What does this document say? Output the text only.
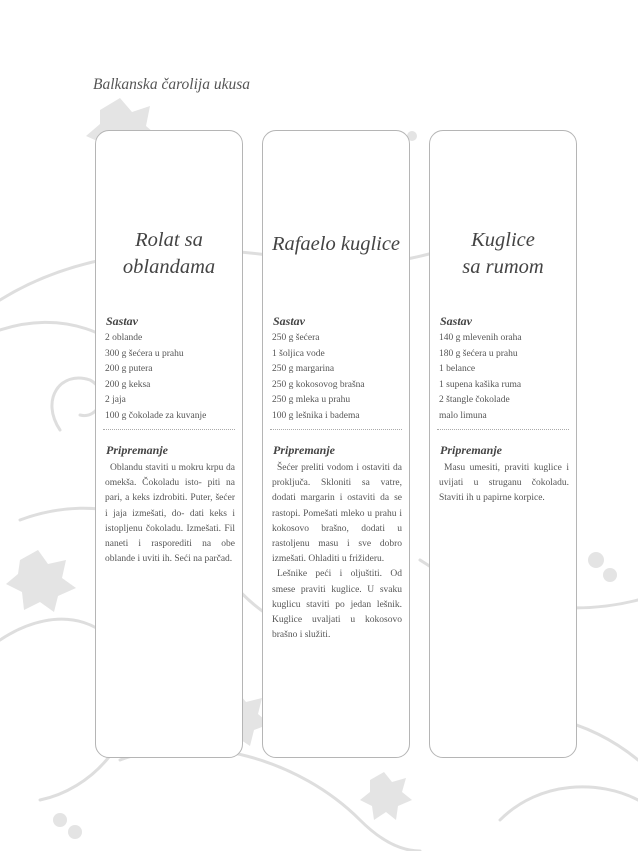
Balkanska čarolija ukusa
Rolat sa
oblandama
Sastav
2 oblande
300 g šećera u prahu
200 g putera
200 g keksa
2 jaja
100 g čokolade za kuvanje
Pripremanje

Oblandu staviti u mokru krpu da omekša. Čokoladu isto- piti na pari, a keks izdrobiti. Puter, šećer i jaja izmešati, do- dati keks i istopljenu čokoladu. Izmešati. Fil naneti i rasporediti na obe oblande i uviti ih. Seći na parčad.

Rafaelo kuglice
Sastav
250 g šećera
1 šoljica vode
250 g margarina
250 g kokosovog brašna
250 g mleka u prahu
100 g lešnika i badema
Pripremanje

Šećer preliti vodom i ostaviti da proključa. Skloniti sa vatre, dodati margarin i ostaviti da se rastopi. Pomešati mleko u prahu i kokosovo brašno, dodati u rastoljenu masu i sve dobro izmešati. Ohladiti u frižideru.

Lešnike peći i oljuštiti. Od smese praviti kuglice. U svaku kuglicu staviti po jedan lešnik. Kuglice uvaljati u kokosovo brašno i služiti.

Kuglice
sa rumom
Sastav
140 g mlevenih oraha
180 g šećera u prahu
1 belance
1 supena kašika ruma
2 štangle čokolade
malo limuna
Pripremanje

Masu umesiti, praviti kuglice i uvijati u struganu čokoladu. Staviti ih u papirne korpice.
